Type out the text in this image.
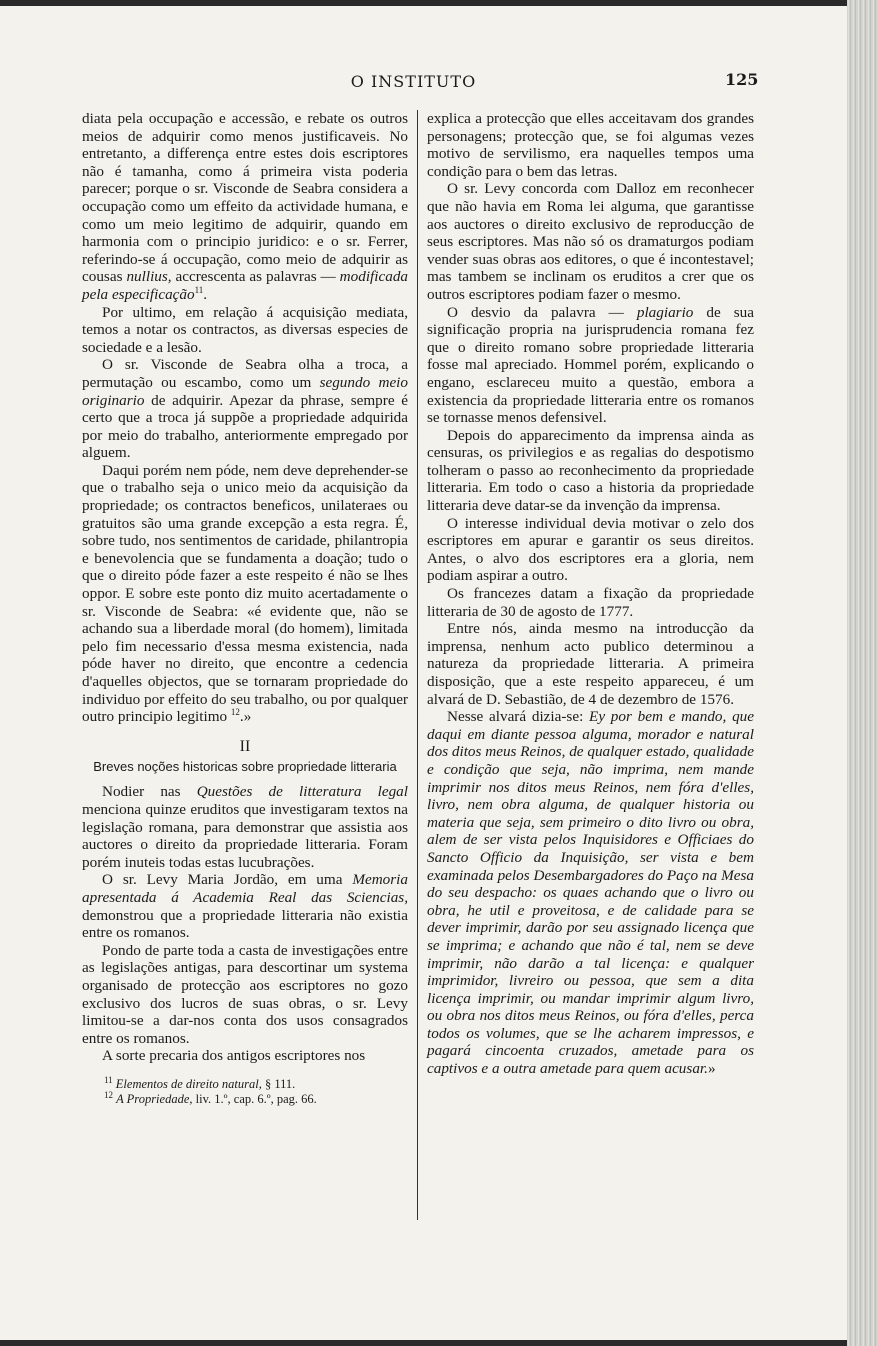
O INSTITUTO	125

diata pela occupação e accessão, e rebate os outros meios de adquirir como menos justificaveis. No entretanto, a differença entre estes dois escriptores não é tamanha, como á primeira vista poderia parecer; porque o sr. Visconde de Seabra considera a occupação como um effeito da actividade humana, e como um meio legitimo de adquirir, quando em harmonia com o principio juridico: e o sr. Ferrer, referindo-se á occupação, como meio de adquirir as cousas nullius, accrescenta as palavras — modificada pela especificação$^{11}$.

Por ultimo, em relação á acquisição mediata, temos a notar os contractos, as diversas especies de sociedade e a lesão.

O sr. Visconde de Seabra olha a troca, a permutação ou escambo, como um segundo meio originario de adquirir. Apezar da phrase, sempre é certo que a troca já suppõe a propriedade adquirida por meio do trabalho, anteriormente empregado por alguem.

Daqui porém nem póde, nem deve deprehender-se que o trabalho seja o unico meio da acquisição da propriedade; os contractos beneficos, unilateraes ou gratuitos são uma grande excepção a esta regra. É, sobre tudo, nos sentimentos de caridade, philantropia e benevolencia que se fundamenta a doação; tudo o que o direito póde fazer a este respeito é não se lhes oppor. E sobre este ponto diz muito acertadamente o sr. Visconde de Seabra: «é evidente que, não se achando sua a liberdade moral (do homem), limitada pelo fim necessario d'essa mesma existencia, nada póde haver no direito, que encontre a cedencia d'aquelles objectos, que se tornaram propriedade do individuo por effeito do seu trabalho, ou por qualquer outro principio legitimo $^{12}$.»

II
Breves noções historicas sobre propriedade litteraria

Nodier nas Questões de litteratura legal menciona quinze eruditos que investigaram textos na legislação romana, para demonstrar que assistia aos auctores o direito da propriedade litteraria. Foram porém inuteis todas estas lucubrações.

O sr. Levy Maria Jordão, em uma Memoria apresentada á Academia Real das Sciencias, demonstrou que a propriedade litteraria não existia entre os romanos.

Pondo de parte toda a casta de investigações entre as legislações antigas, para descortinar um systema organisado de protecção aos escriptores no gozo exclusivo dos lucros de suas obras, o sr. Levy limitou-se a dar-nos conta dos usos consagrados entre os romanos.

A sorte precaria dos antigos escriptores nos

$^{11}$ Elementos de direito natural, § 111.

$^{12}$ A Propriedade, liv. 1.º, cap. 6.º, pag. 66.

explica a protecção que elles acceitavam dos grandes personagens; protecção que, se foi algumas vezes motivo de servilismo, era naquelles tempos uma condição para o bem das letras.

O sr. Levy concorda com Dalloz em reconhecer que não havia em Roma lei alguma, que garantisse aos auctores o direito exclusivo de reproducção de seus escriptores. Mas não só os dramaturgos podiam vender suas obras aos editores, o que é incontestavel; mas tambem se inclinam os eruditos a crer que os outros escriptores podiam fazer o mesmo.

O desvio da palavra — plagiario de sua significação propria na jurisprudencia romana fez que o direito romano sobre propriedade litteraria fosse mal apreciado. Hommel porém, explicando o engano, esclareceu muito a questão, embora a existencia da propriedade litteraria entre os romanos se tornasse menos defensivel.

Depois do apparecimento da imprensa ainda as censuras, os privilegios e as regalias do despotismo tolheram o passo ao reconhecimento da propriedade litteraria. Em todo o caso a historia da propriedade litteraria deve datar-se da invenção da imprensa.

O interesse individual devia motivar o zelo dos escriptores em apurar e garantir os seus direitos. Antes, o alvo dos escriptores era a gloria, nem podiam aspirar a outro.

Os francezes datam a fixação da propriedade litteraria de 30 de agosto de 1777.

Entre nós, ainda mesmo na introducção da imprensa, nenhum acto publico determinou a natureza da propriedade litteraria. A primeira disposição, que a este respeito appareceu, é um alvará de D. Sebastião, de 4 de dezembro de 1576.

Nesse alvará dizia-se: Ey por bem e mando, que daqui em diante pessoa alguma, morador e natural dos ditos meus Reinos, de qualquer estado, qualidade e condição que seja, não imprima, nem mande imprimir nos ditos meus Reinos, nem fóra d'elles, livro, nem obra alguma, de qualquer historia ou materia que seja, sem primeiro o dito livro ou obra, alem de ser vista pelos Inquisidores e Officiaes do Sancto Officio da Inquisição, ser vista e bem examinada pelos Desembargadores do Paço na Mesa do seu despacho: os quaes achando que o livro ou obra, he util e proveitosa, e de calidade para se dever imprimir, darão por seu assignado licença que se imprima; e achando que não é tal, nem se deve imprimir, não darão a tal licença: e qualquer imprimidor, livreiro ou pessoa, que sem a dita licença imprimir, ou mandar imprimir algum livro, ou obra nos ditos meus Reinos, ou fóra d'elles, perca todos os volumes, que se lhe acharem impressos, e pagará cincoenta cruzados, ametade para os captivos e a outra ametade para quem acusar.»
